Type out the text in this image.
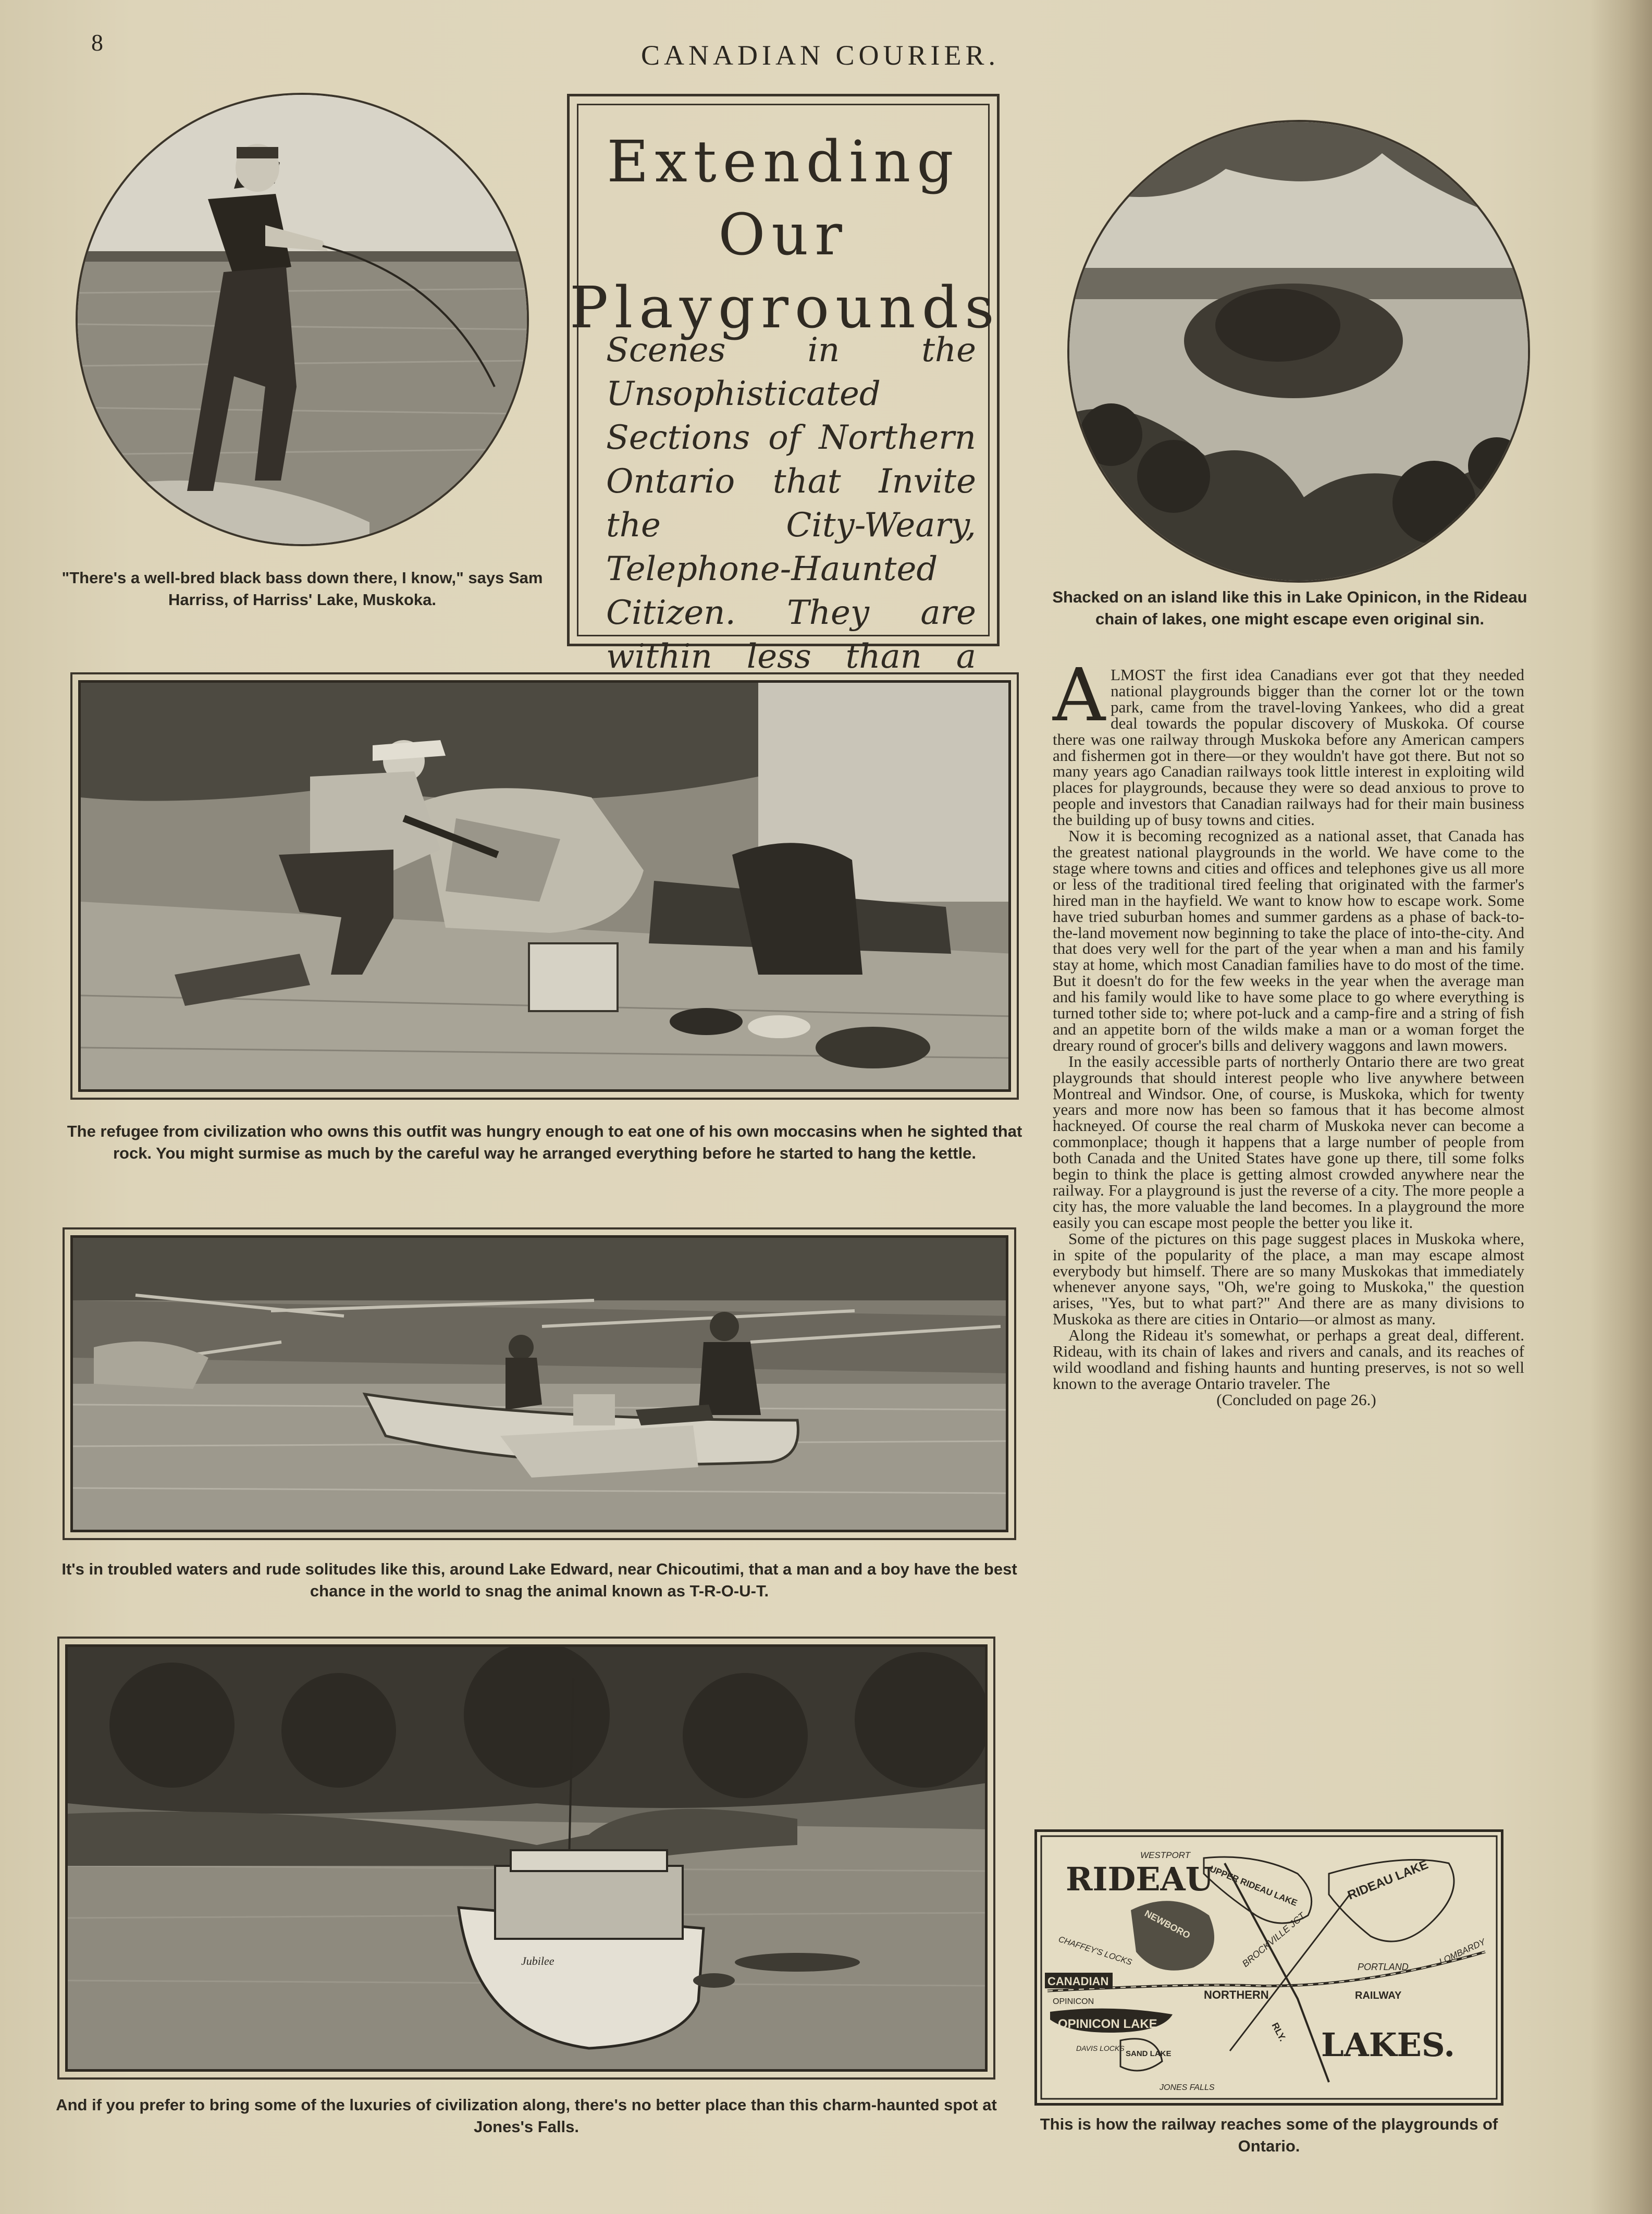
8	CANADIAN COURIER.
"There's a well-bred black bass down there, I know," says Sam Harriss, of Harriss' Lake, Muskoka.
Extending
Our
Playgrounds
Scenes in the Unsophisticated Sections of Northern Ontario that Invite the City-Weary, Telephone-Haunted Citizen. They are within less than a
Shacked on an island like this in Lake Opinicon, in the Rideau chain of lakes, one might escape even original sin.
The refugee from civilization who owns this outfit was hungry enough to eat one of his own moccasins when he sighted that rock. You might surmise as much by the careful way he arranged everything before he started to hang the kettle.
It's in troubled waters and rude solitudes like this, around Lake Edward, near Chicoutimi, that a man and a boy have the best chance in the world to snag the animal known as T-R-O-U-T.
Jubilee
And if you prefer to bring some of the luxuries of civilization along, there's no better place than this charm-haunted spot at Jones's Falls.

ALMOST the first idea Canadians ever got that they needed national playgrounds bigger than the corner lot or the town park, came from the travel-loving Yankees, who did a great deal towards the popular discovery of Muskoka. Of course there was one railway through Muskoka before any American campers and fishermen got in there—or they wouldn't have got there. But not so many years ago Canadian railways took little interest in exploiting wild places for playgrounds, because they were so dead anxious to prove to people and investors that Canadian railways had for their main business the building up of busy towns and cities.

Now it is becoming recognized as a national asset, that Canada has the greatest national playgrounds in the world. We have come to the stage where towns and cities and offices and telephones give us all more or less of the traditional tired feeling that originated with the farmer's hired man in the hayfield. We want to know how to escape work. Some have tried suburban homes and summer gardens as a phase of back-to-the-land movement now beginning to take the place of into-the-city. And that does very well for the part of the year when a man and his family stay at home, which most Canadian families have to do most of the time. But it doesn't do for the few weeks in the year when the average man and his family would like to have some place to go where everything is turned tother side to; where pot-luck and a camp-fire and a string of fish and an appetite born of the wilds make a man or a woman forget the dreary round of grocer's bills and delivery waggons and lawn mowers.

In the easily accessible parts of northerly Ontario there are two great playgrounds that should interest people who live anywhere between Montreal and Windsor. One, of course, is Muskoka, which for twenty years and more now has been so famous that it has become almost hackneyed. Of course the real charm of Muskoka never can become a commonplace; though it happens that a large number of people from both Canada and the United States have gone up there, till some folks begin to think the place is getting almost crowded anywhere near the railway. For a playground is just the reverse of a city. The more people a city has, the more valuable the land becomes. In a playground the more easily you can escape most people the better you like it.

Some of the pictures on this page suggest places in Muskoka where, in spite of the popularity of the place, a man may escape almost everybody but himself. There are so many Muskokas that immediately whenever anyone says, "Oh, we're going to Muskoka," the question arises, "Yes, but to what part?" And there are as many divisions to Muskoka as there are cities in Ontario—or almost as many.

Along the Rideau it's somewhat, or perhaps a great deal, different. Rideau, with its chain of lakes and rivers and canals, and its reaches of wild woodland and fishing haunts and hunting preserves, is not so well known to the average Ontario traveler. The

(Concluded on page 26.)

RIDEAU
LAKES.
WESTPORT
UPPER RIDEAU LAKE	RIDEAU LAKE
NEWBORO	BROCKVILLE JCT.
CHAFFEY'S LOCKS	PORTLAND
LOMBARDY
CANADIAN
NORTHERN	RAILWAY
OPINICON
OPINICON LAKE
DAVIS LOCKS
SAND LAKE
JONES FALLS
RLY.
This is how the railway reaches some of the playgrounds of Ontario.
